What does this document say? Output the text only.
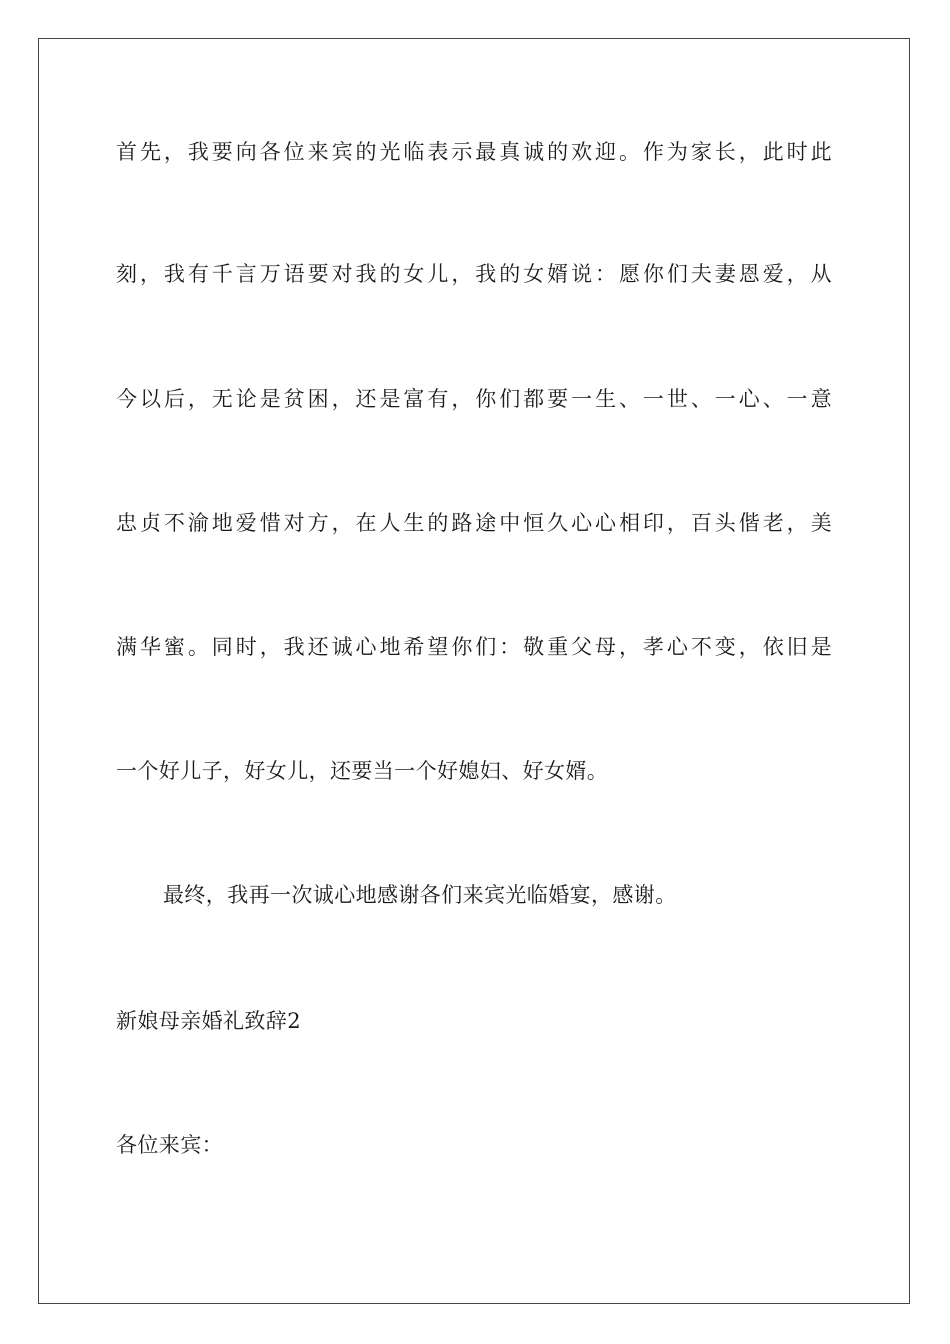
首先，我要向各位来宾的光临表示最真诚的欢迎。作为家长，此时此
刻，我有千言万语要对我的女儿，我的女婿说：愿你们夫妻恩爱，从
今以后，无论是贫困，还是富有，你们都要一生、一世、一心、一意
忠贞不渝地爱惜对方，在人生的路途中恒久心心相印，百头偕老，美
满华蜜。同时，我还诚心地希望你们：敬重父母，孝心不变，依旧是
一个好儿子，好女儿，还要当一个好媳妇、好女婿。
最终，我再一次诚心地感谢各们来宾光临婚宴，感谢。
新娘母亲婚礼致辞2
各位来宾：
